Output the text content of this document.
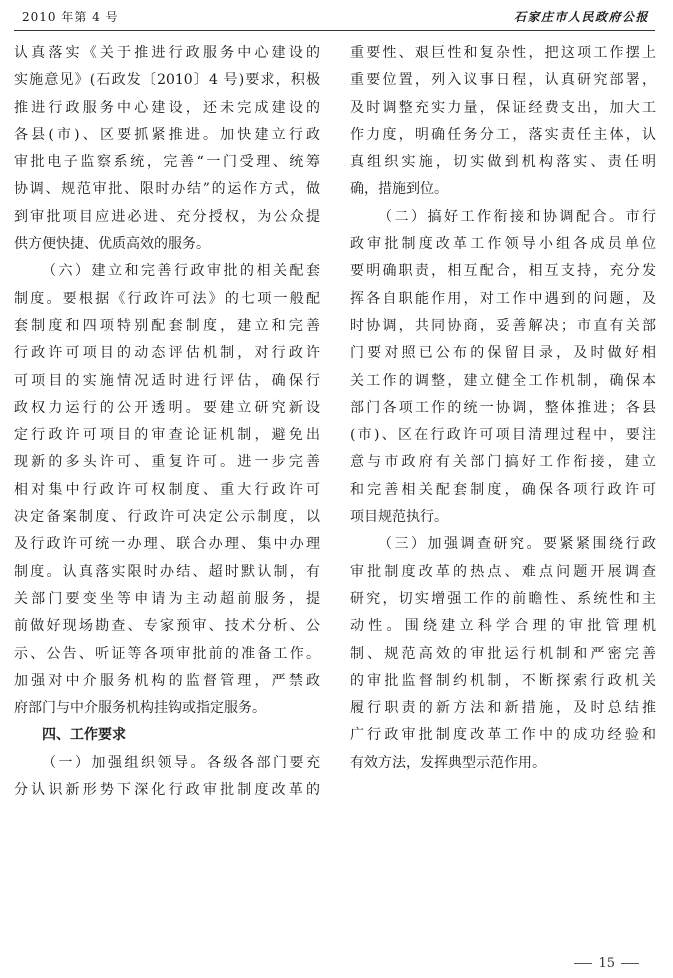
2010 年第 4 号	石家庄市人民政府公报
认真落实《关于推进行政服务中心建设的
实施意见》(石政发〔2010〕4 号)要求，积极
推进行政服务中心建设，还未完成建设的
各县(市)、区要抓紧推进。加快建立行政
审批电子监察系统，完善“一门受理、统筹
协调、规范审批、限时办结”的运作方式，做
到审批项目应进必进、充分授权，为公众提
供方便快捷、优质高效的服务。
（六）建立和完善行政审批的相关配套
制度。要根据《行政许可法》的七项一般配
套制度和四项特别配套制度，建立和完善
行政许可项目的动态评估机制，对行政许
可项目的实施情况适时进行评估，确保行
政权力运行的公开透明。要建立研究新设
定行政许可项目的审查论证机制，避免出
现新的多头许可、重复许可。进一步完善
相对集中行政许可权制度、重大行政许可
决定备案制度、行政许可决定公示制度，以
及行政许可统一办理、联合办理、集中办理
制度。认真落实限时办结、超时默认制，有
关部门要变坐等申请为主动超前服务，提
前做好现场勘查、专家预审、技术分析、公
示、公告、听证等各项审批前的准备工作。
加强对中介服务机构的监督管理，严禁政
府部门与中介服务机构挂钩或指定服务。
四、工作要求
（一）加强组织领导。各级各部门要充
分认识新形势下深化行政审批制度改革的
重要性、艰巨性和复杂性，把这项工作摆上
重要位置，列入议事日程，认真研究部署，
及时调整充实力量，保证经费支出，加大工
作力度，明确任务分工，落实责任主体，认
真组织实施，切实做到机构落实、责任明
确，措施到位。
（二）搞好工作衔接和协调配合。市行
政审批制度改革工作领导小组各成员单位
要明确职责，相互配合，相互支持，充分发
挥各自职能作用，对工作中遇到的问题，及
时协调，共同协商，妥善解决；市直有关部
门要对照已公布的保留目录，及时做好相
关工作的调整，建立健全工作机制，确保本
部门各项工作的统一协调，整体推进；各县
(市)、区在行政许可项目清理过程中，要注
意与市政府有关部门搞好工作衔接，建立
和完善相关配套制度，确保各项行政许可
项目规范执行。
（三）加强调查研究。要紧紧围绕行政
审批制度改革的热点、难点问题开展调查
研究，切实增强工作的前瞻性、系统性和主
动性。围绕建立科学合理的审批管理机
制、规范高效的审批运行机制和严密完善
的审批监督制约机制，不断探索行政机关
履行职责的新方法和新措施，及时总结推
广行政审批制度改革工作中的成功经验和
有效方法，发挥典型示范作用。
15
